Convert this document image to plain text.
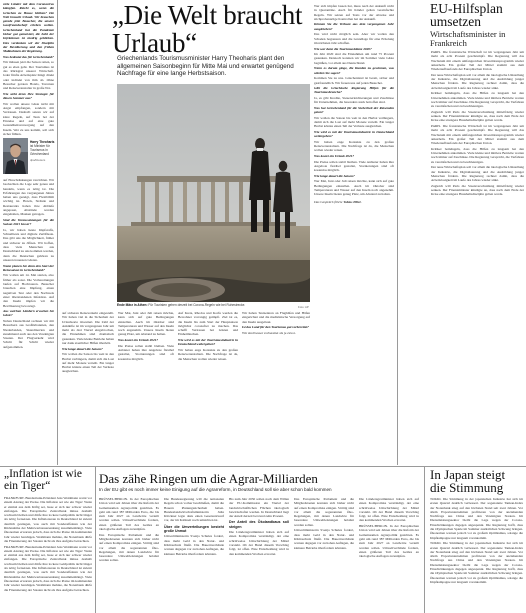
viele Länder mit dem Coronavirus kämpfen. Reicht es, wenn die Griechen zu Hause bleiben? Die Welt braucht Urlaub. Wir brauchen gerade jetzt Besucher, die unsere Gastfreundschaft erleben wollen. Griechenland hat die Pandemie bisher gut gemeistert, die Zahl der Infektionen ist niedrig geblieben. Dies verdanken wir der Disziplin der Bevölkerung und den frühen Maßnahmen der Regierung.

Was bedeutet das für Griechenland?

Wir müssen jetzt die Saison retten, so gut es eben geht. Der Tourismus ist das Rückgrat unserer Wirtschaft. Jeder fünfte Arbeitsplatz hängt direkt oder indirekt von ihm ab. Ohne Besucher geraten Hotels, Tavernen und Reiseveranstalter in große Not.

Wie sieht denn Ihre Strategie für diesen Sommer aus?

Wir wollen unsere Gäste nicht mit Angst empfangen, sondern mit Vertrauen. Deshalb setzen wir auf klare Regeln, auf Tests bei der Einreise und auf eine gute Gesundheitsversorgung auf den Inseln. Wer zu uns kommt, soll sich sicher fühlen.

Harry Theoharis
ist Minister für Tourismus in Griechenland
dpa/Reuters

auf Einschränkungen verzichten. Wir beobachten die Lage sehr genau und handeln, wenn es nötig ist. Die Erfahrungen des vergangenen Jahres haben uns gezeigt, dass Flexibilität wichtig ist. Hotels, Strände und Restaurants haben ihre Abläufe angepasst, Abstände werden eingehalten, Masken getragen.

Sind die Voraussetzungen für die Saison 2021 besser?

Ja, wir haben heute Impfstoffe, Schnelltests und digitale Zertifikate. Das gibt uns die Möglichkeit, früher und sicherer zu öffnen. Wir hoffen, dass viele Menschen aus Deutschland zu uns kommen werden, denn die Deutschen gehören zu unseren treuesten Gästen.

Wann planen Sie denn den Start der Reisesaison in Griechenland?

Wir wollen am 14. Mai starten, also früher als sonst. Die Vorbereitungen laufen auf Hochtouren. Besucher brauchen eine Impfung, einen negativen Test oder den Nachweis einer überstandenen Infektion. Auf den Inseln impfen wir die Bevölkerung bevorzugt.

Aus welchen Ländern erwarten Sie Gäste?

Neben Deutschland rechnen wir mit Besuchern aus Großbritannien, den Niederlanden, Skandinavien und zunehmend auch aus den Vereinigten Staaten. Der Flugverkehr wird Schritt für Schritt wieder aufgenommen.

„Die Welt braucht Urlaub“
Griechenlands Tourismusminister Harry Theoharis plant den allgemeinen Saisonbeginn für Mitte Mai und erwartet genügend Nachfrage für eine lange Herbstsaison.
Ende März in Athen: Für Touristen gehen derzeit bei Corona-Regeln wie bei Ruhestrecke.	Foto: AP

auf sicheren Reiseverkehr eingestellt. Wir haben viel in die Sicherheit der Urlaubsorte investiert. Die Zahl der Ankünfte ist im vergangenen Jahr um mehr als drei Viertel eingebrochen, die Einnahmen sind dramatisch gesunken. Viele kleine Betriebe haben nur dank staatlicher Hilfen überlebt.

Wie lange dauert die Saison?

Wir wollen die Saison bis weit in den Herbst verlängern, damit sich die Last auf mehr Monate verteilt. Ein langer Herbst könnte einen Teil der Verluste ausgleichen.

Wer Mai, Juni oder Juli reisen möchte, kann sich auf gute Bedingungen einstellen. Auch im Oktober sind Temperaturen und Wasser auf den Inseln noch angenehm. Unsere Inseln bieten genug Platz, um Abstand zu halten.

Was kostet ein Urlaub 2021?

Die Preise sollen stabil bleiben. Viele Anbieter haben ihre Angebote flexibel gestaltet, Stornierungen sind oft kostenlos möglich.

Auf Kreta, Rhodos und Korfu werden die Bewohner vorrangig geimpft. Ziel ist es, die Inseln bis zum Start der Hauptsaison möglichst coronafrei zu machen. Das schafft Vertrauen bei Gästen und Einheimischen.

Wie wird es mit der Tourismusindustrie in Deutschland weitergehen?

Wir haben enge Kontakte zu den großen Reiseveranstaltern. Die Nachfrage ist da, die Menschen wollen wieder reisen.

Wir haben Testzentren an Flughäfen und Häfen eingerichtet und die medizinische Versorgung auf den Inseln ausgebaut.

Ist das Land für den Tourismus gut vorbereitet?

Wir sind besser vorbereitet als je zuvor.

Wer sich impfen lassen hat, muss nach der Ankunft nicht in Quarantäne. Auch für Kinder gelten vereinfachte Regeln. Wir setzen auf Tests vor der Abreise und stichprobenartige Kontrollen bei der Ankunft.

Können Sie die Verluste aus dem vergangenen Jahr ausgleichen?

Das wird nicht möglich sein. Aber wir wollen den Schaden begrenzen und die Grundlage für eine Erholung im nächsten Jahr schaffen.

Wie war denn die Tourismusbilanz 2020?

Im Jahr 2020 sind die Einnahmen um rund 75 Prozent gesunken. Dennoch konnten wir im Sommer viele Gäste begrüßen, vor allem aus Deutschland.

Wenn es darum ginge, die Kunden zu gewinnen, was würden Sie sagen?

Kommen Sie zu uns. Griechenland ist bereit, sicher und gastfreundlich. Wir freuen uns auf jeden Besucher.

Gibt die Griechische Regierung Hilfen für die Tourismusbranche?

Ja, es gibt Kredite, Steuererleichterungen und Zuschüsse für Unternehmen, die besonders stark betroffen sind.

Was hat Griechenland für die Sicherheit der Reisenden getan?

Wir wollen die Saison bis weit in den Herbst verlängern, damit sich die Last auf mehr Monate verteilt. Ein langer Herbst könnte einen Teil der Verluste ausgleichen.

Wie wird es mit der Tourismusindustrie in Deutschland weitergehen?

Wir haben enge Kontakte zu den großen Reiseveranstaltern. Die Nachfrage ist da, die Menschen wollen wieder reisen.

Was kostet ein Urlaub 2021?

Die Preise sollen stabil bleiben. Viele Anbieter haben ihre Angebote flexibel gestaltet, Stornierungen sind oft kostenlos möglich.

Wie lange dauert die Saison?

Wer Mai, Juni oder Juli reisen möchte, kann sich auf gute Bedingungen einstellen. Auch im Oktober sind Temperaturen und Wasser auf den Inseln noch angenehm. Unsere Inseln bieten genug Platz, um Abstand zu halten.

Das Gespräch führte Tobias Piller.

EU-Hilfsplan umsetzen
Wirtschaftsminister in Frankreich

PARIS. Die französische Wirtschaft ist im vergangenen Jahr um mehr als acht Prozent geschrumpft. Die Regierung will das Wachstum mit einem umfangreichen Investitionsprogramm wieder ankurbeln. Ein großer Teil der Mittel stammt aus dem Wiederaufbaufonds der Europäischen Union.

Der neue Wirtschaftsplan soll vor allem die ökologische Umstellung der Industrie, die Digitalisierung und die Ausbildung junger Menschen fördern. Die Regierung rechnet damit, dass die Arbeitslosigkeit im Laufe des Jahres wieder sinkt.

Kritiker bemängeln, dass die Hilfen zu langsam bei den Unternehmen ankommen. Viele kleine und mittlere Betriebe warten noch immer auf Zuschüsse. Die Regierung verspricht, die Verfahren zu vereinfachen und zu beschleunigen.

Zugleich will Paris die Staatsverschuldung mittelfristig wieder senken. Der Finanzminister kündigte an, dass nach dem Ende der Krise eine strengere Haushaltsdisziplin gelten werde.

PARIS. Die französische Wirtschaft ist im vergangenen Jahr um mehr als acht Prozent geschrumpft. Die Regierung will das Wachstum mit einem umfangreichen Investitionsprogramm wieder ankurbeln. Ein großer Teil der Mittel stammt aus dem Wiederaufbaufonds der Europäischen Union.

Kritiker bemängeln, dass die Hilfen zu langsam bei den Unternehmen ankommen. Viele kleine und mittlere Betriebe warten noch immer auf Zuschüsse. Die Regierung verspricht, die Verfahren zu vereinfachen und zu beschleunigen.

Der neue Wirtschaftsplan soll vor allem die ökologische Umstellung der Industrie, die Digitalisierung und die Ausbildung junger Menschen fördern. Die Regierung rechnet damit, dass die Arbeitslosigkeit im Laufe des Jahres wieder sinkt.

Zugleich will Paris die Staatsverschuldung mittelfristig wieder senken. Der Finanzminister kündigte an, dass nach dem Ende der Krise eine strengere Haushaltsdisziplin gelten werde.

„Inflation ist wie ein Tiger“

FRANKFURT. Bundesbank-Präsident Jens Weidmann warnt vor einem Anstieg der Preise. Die Inflation sei wie ein Tiger: Wenn er einmal aus dem Käfig sei, lasse er sich nur schwer wieder einfangen. Die Europäische Zentralbank müsse deshalb wachsam bleiben und dürfe ihre lockere Geldpolitik nicht länger als nötig fortsetzen. Die Inflationsrate in Deutschland ist zuletzt deutlich gestiegen, was auch mit Sondereffekten wie der Rücknahme der Mehrwertsteuersenkung zusammenhängt. Viele Ökonomen erwarten jedoch, dass sich die Preise im kommenden Jahr wieder beruhigen. Weidmann mahnte, die Notenbank dürfe die Finanzierung der Staaten nicht als ihre Aufgabe betrachten.

FRANKFURT. Bundesbank-Präsident Jens Weidmann warnt vor einem Anstieg der Preise. Die Inflation sei wie ein Tiger: Wenn er einmal aus dem Käfig sei, lasse er sich nur schwer wieder einfangen. Die Europäische Zentralbank müsse deshalb wachsam bleiben und dürfe ihre lockere Geldpolitik nicht länger als nötig fortsetzen. Die Inflationsrate in Deutschland ist zuletzt deutlich gestiegen, was auch mit Sondereffekten wie der Rücknahme der Mehrwertsteuersenkung zusammenhängt. Viele Ökonomen erwarten jedoch, dass sich die Preise im kommenden Jahr wieder beruhigen. Weidmann mahnte, die Notenbank dürfe die Finanzierung der Staaten nicht als ihre Aufgabe betrachten.

Das zähe Ringen um die Agrar-Milliarden
In der EU gibt es noch immer keine Einigung auf die Agrarreform, in Deutschland soll sie aber schon bald kommen

BRÜSSEL/BERLIN. In der Europäischen Union wird seit Jahren über die Reform der Gemeinsamen Agrarpolitik gestritten. Es geht um rund 387 Milliarden Euro, die bis zum Jahr 2027 an Landwirte verteilt werden sollen. Umweltverbände fordern, einen größeren Teil des Geldes an ökologische Auflagen zu knüpfen.

Das Europäische Parlament und die Mitgliedstaaten konnten sich bisher nicht auf einen Kompromiss einigen. Strittig sind vor allem die sogenannten Öko-Regelungen, mit denen Landwirte für besondere Umweltleistungen belohnt werden sollen.

Die Bundesregierung will die nationalen Regeln schon vorher beschließen, damit die Bauern Planungssicherheit haben. Bundeslandwirtschaftsministerin Julia Klöckner legte dazu einen Gesetzentwurf vor, der im Kabinett noch umstritten ist.

Über die Umverteilungen besteht große Unmut

Umweltministerin Svenja Schulze fordert, dass mehr Geld in den Natur- und Klimaschutz fließt. Die Bauernverbände warnen dagegen vor zu hohen Auflagen, die kleinere Betriebe überfordern könnten.

Bis zum Jahr 2030 sollen nach dem Willen der EU-Kommission ein Viertel der landwirtschaftlichen Flächen ökologisch bewirtschaftet werden. In Deutschland liegt der Anteil derzeit bei rund zehn Prozent.

Der Anteil des Ökolandbaus soll steigen

Die Länderagrarminister haben sich auf einen Kompromiss verständigt, der eine schrittweise Umschichtung der Mittel vorsieht. Ob der Bund diesem Vorschlag folgt, ist offen. Eine Entscheidung wird in den kommenden Wochen erwartet.

Das Europäische Parlament und die Mitgliedstaaten konnten sich bisher nicht auf einen Kompromiss einigen. Strittig sind vor allem die sogenannten Öko-Regelungen, mit denen Landwirte für besondere Umweltleistungen belohnt werden sollen.

Umweltministerin Svenja Schulze fordert, dass mehr Geld in den Natur- und Klimaschutz fließt. Die Bauernverbände warnen dagegen vor zu hohen Auflagen, die kleinere Betriebe überfordern könnten.

Die Länderagrarminister haben sich auf einen Kompromiss verständigt, der eine schrittweise Umschichtung der Mittel vorsieht. Ob der Bund diesem Vorschlag folgt, ist offen. Eine Entscheidung wird in den kommenden Wochen erwartet.

BRÜSSEL/BERLIN. In der Europäischen Union wird seit Jahren über die Reform der Gemeinsamen Agrarpolitik gestritten. Es geht um rund 387 Milliarden Euro, die bis zum Jahr 2027 an Landwirte verteilt werden sollen. Umweltverbände fordern, einen größeren Teil des Geldes an ökologische Auflagen zu knüpfen.

In Japan steigt die Stimmung

TOKIO. Die Stimmung in der japanischen Industrie hat sich im ersten Quartal deutlich verbessert. Der sogenannte Tankan-Index der Notenbank stieg auf den höchsten Stand seit zwei Jahren. Vor allem Exportunternehmen profitieren von der anziehenden Nachfrage aus China und den Vereinigten Staaten. Im Dienstleistungssektor bleibt die Lage wegen der Corona-Einschränkungen dagegen angespannt. Die Regierung hofft, dass die Olympischen Spiele im Sommer zusätzlichen Schwung bringen. Ökonomen warnen jedoch vor zu großem Optimismus, solange die Impfkampagne nur langsam vorankommt.

TOKIO. Die Stimmung in der japanischen Industrie hat sich im ersten Quartal deutlich verbessert. Der sogenannte Tankan-Index der Notenbank stieg auf den höchsten Stand seit zwei Jahren. Vor allem Exportunternehmen profitieren von der anziehenden Nachfrage aus China und den Vereinigten Staaten. Im Dienstleistungssektor bleibt die Lage wegen der Corona-Einschränkungen dagegen angespannt. Die Regierung hofft, dass die Olympischen Spiele im Sommer zusätzlichen Schwung bringen. Ökonomen warnen jedoch vor zu großem Optimismus, solange die Impfkampagne nur langsam vorankommt.
